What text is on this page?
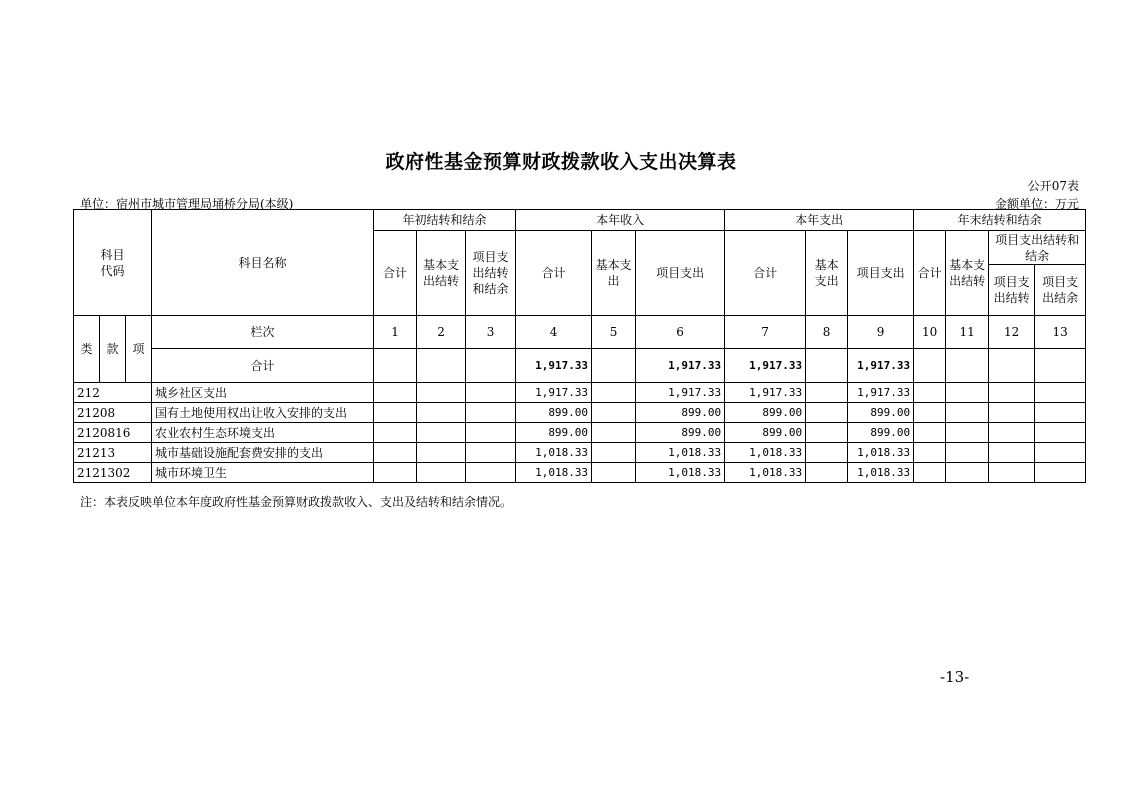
政府性基金预算财政拨款收入支出决算表
公开07表
单位：宿州市城市管理局埇桥分局(本级)	金额单位：万元
科目
代码			科目名称	年初结转和结余			本年收入			本年支出			年末结转和结余			
				合计	基本支出结转	项目支出结转和结余	合计	基本支出	项目支出	合计	基本支出	项目支出	合计	基本支出结转	项目支出结转和结余	
															项目支出结转	项目支出结余
类	款	项	栏次	1	2	3	4	5	6	7	8	9	10	11	12	13
			合计				1,917.33		1,917.33	1,917.33		1,917.33				
212			城乡社区支出				1,917.33		1,917.33	1,917.33		1,917.33				
21208			国有土地使用权出让收入安排的支出				899.00		899.00	899.00		899.00				
2120816			农业农村生态环境支出				899.00		899.00	899.00		899.00				
21213			城市基础设施配套费安排的支出				1,018.33		1,018.33	1,018.33		1,018.33				
2121302			城市环境卫生				1,018.33		1,018.33	1,018.33		1,018.33				
注：本表反映单位本年度政府性基金预算财政拨款收入、支出及结转和结余情况。
-13-
